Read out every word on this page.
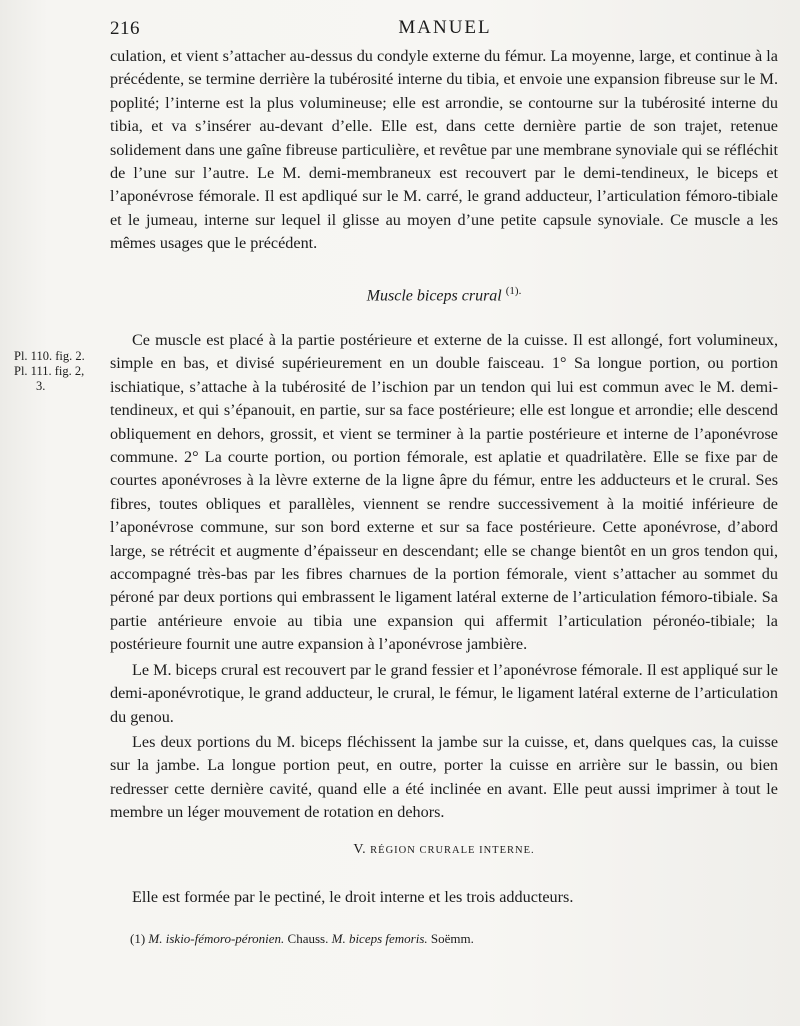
216	MANUEL

culation, et vient s’attacher au-dessus du condyle externe du fémur. La moyenne, large, et continue à la précédente, se termine derrière la tubérosité interne du tibia, et envoie une expansion fibreuse sur le M. poplité; l’interne est la plus volumineuse; elle est arrondie, se contourne sur la tubérosité interne du tibia, et va s’insérer au-devant d’elle. Elle est, dans cette dernière partie de son trajet, retenue solidement dans une gaîne fibreuse particulière, et revêtue par une membrane synoviale qui se réfléchit de l’une sur l’autre. Le M. demi-membraneux est recouvert par le demi-tendineux, le biceps et l’aponévrose fémorale. Il est apdliqué sur le M. carré, le grand adducteur, l’articulation fémoro-tibiale et le jumeau, interne sur lequel il glisse au moyen d’une petite capsule synoviale. Ce muscle a les mêmes usages que le précédent.

Muscle biceps crural $^{(1).}$
Pl. 110. fig. 2.
Pl. 111. fig. 2,
3.

Ce muscle est placé à la partie postérieure et externe de la cuisse. Il est allongé, fort volumineux, simple en bas, et divisé supérieurement en un double faisceau. 1° Sa longue portion, ou portion ischiatique, s’attache à la tubérosité de l’ischion par un tendon qui lui est commun avec le M. demi-tendineux, et qui s’épanouit, en partie, sur sa face postérieure; elle est longue et arrondie; elle descend obliquement en dehors, grossit, et vient se terminer à la partie postérieure et interne de l’aponévrose commune. 2° La courte portion, ou portion fémorale, est aplatie et quadrilatère. Elle se fixe par de courtes aponévroses à la lèvre externe de la ligne âpre du fémur, entre les adducteurs et le crural. Ses fibres, toutes obliques et parallèles, viennent se rendre successivement à la moitié inférieure de l’aponévrose commune, sur son bord externe et sur sa face postérieure. Cette aponévrose, d’abord large, se rétrécit et augmente d’épaisseur en descendant; elle se change bientôt en un gros tendon qui, accompagné très-bas par les fibres charnues de la portion fémorale, vient s’attacher au sommet du péroné par deux portions qui embrassent le ligament latéral externe de l’articulation fémoro-tibiale. Sa partie antérieure envoie au tibia une expansion qui affermit l’articulation péronéo-tibiale; la postérieure fournit une autre expansion à l’aponévrose jambière.

Le M. biceps crural est recouvert par le grand fessier et l’aponévrose fémorale. Il est appliqué sur le demi-aponévrotique, le grand adducteur, le crural, le fémur, le ligament latéral externe de l’articulation du genou.

Les deux portions du M. biceps fléchissent la jambe sur la cuisse, et, dans quelques cas, la cuisse sur la jambe. La longue portion peut, en outre, porter la cuisse en arrière sur le bassin, ou bien redresser cette dernière cavité, quand elle a été inclinée en avant. Elle peut aussi imprimer à tout le membre un léger mouvement de rotation en dehors.

V. RÉGION CRURALE INTERNE.
Elle est formée par le pectiné, le droit interne et les trois adducteurs.
(1) M. iskio-fémoro-péronien. Chauss. M. biceps femoris. Soëmm.
